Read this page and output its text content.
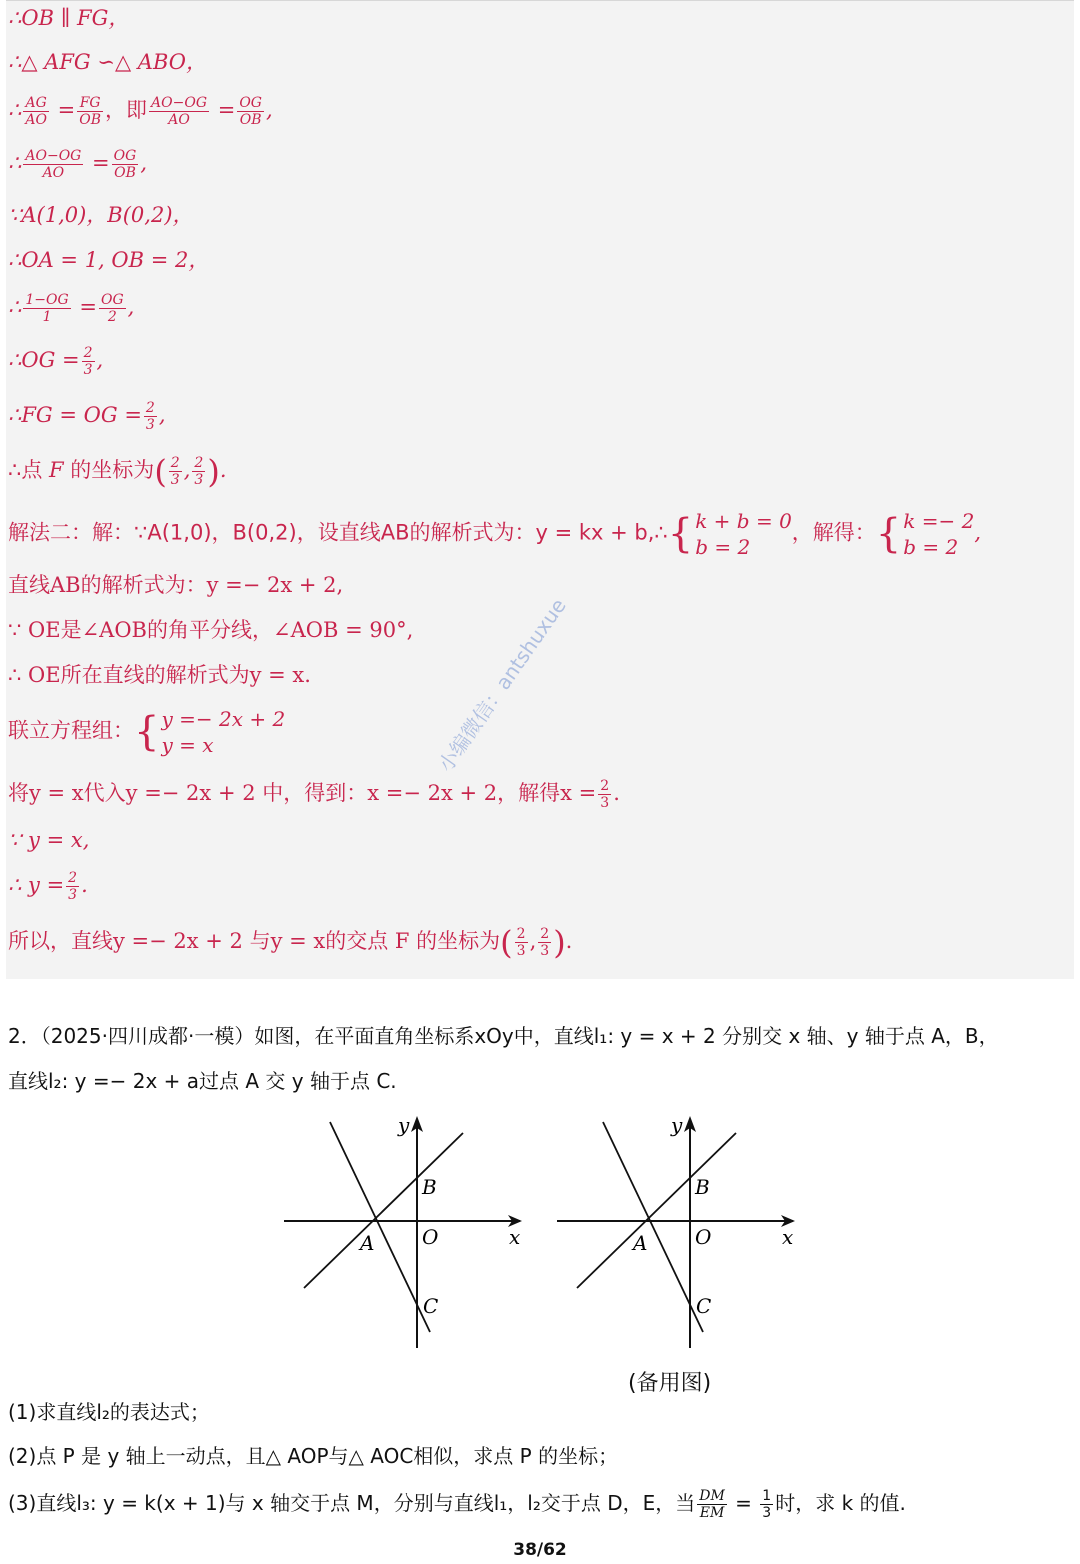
∴OB ∥ FG，
∴△ AFG ∽△ ABO，
∴ $\frac{AG}{AO} = \frac{FG}{OB}$ ，即 $\frac{AO-OG}{AO} = \frac{OG}{OB}$ ,
∴ $\frac{AO-OG}{AO} = \frac{OG}{OB}$ ,
∵A(1,0)，B(0,2)，
∴OA = 1, OB = 2，
∴ $\frac{1-OG}{1} = \frac{OG}{2}$ ,
∴OG = $\frac{2}{3}$ ,
∴FG = OG = $\frac{2}{3}$ ,
∴点 F 的坐标为( $\frac{2}{3}$ , $\frac{2}{3}$ ).
解法二：解：∵A(1,0)，B(0,2)，设直线AB的解析式为：y = kx + b,∴{ k + b = 0
b = 2
，解得：{ k =− 2
b = 2
,
直线AB的解析式为：y =− 2x + 2,
∵ OE是∠AOB的角平分线，∠AOB = 90°,
∴ OE所在直线的解析式为y = x.
联立方程组：{ y =− 2x + 2
y = x
将y = x代入y =− 2x + 2 中，得到：x =− 2x + 2，解得$x = \frac{2}{3}$ .
∵ y = x,
∴ $y = \frac{2}{3}$ .
所以，直线y =− 2x + 2 与y = x的交点 F 的坐标为( $\frac{2}{3}$ , $\frac{2}{3}$ ).
小编微信：antshuxue
2．（2025·四川成都·一模）如图，在平面直角坐标系xOy中，直线l₁: y = x + 2 分别交 x 轴、y 轴于点 A，B，
直线l₂: y =− 2x + a过点 A 交 y 轴于点 C.
y
x
A
B
O
C
y
x
A
B
O
C
(备用图)
(1)求直线l₂的表达式；
(2)点 P 是 y 轴上一动点，且△ AOP与△ AOC相似，求点 P 的坐标；
(3)直线l₃: y = k(x + 1)与 x 轴交于点 M，分别与直线l₁，l₂交于点 D，E，当 $\frac{DM}{EM} = \frac{1}{3}$ 时，求 k 的值.
38/62
